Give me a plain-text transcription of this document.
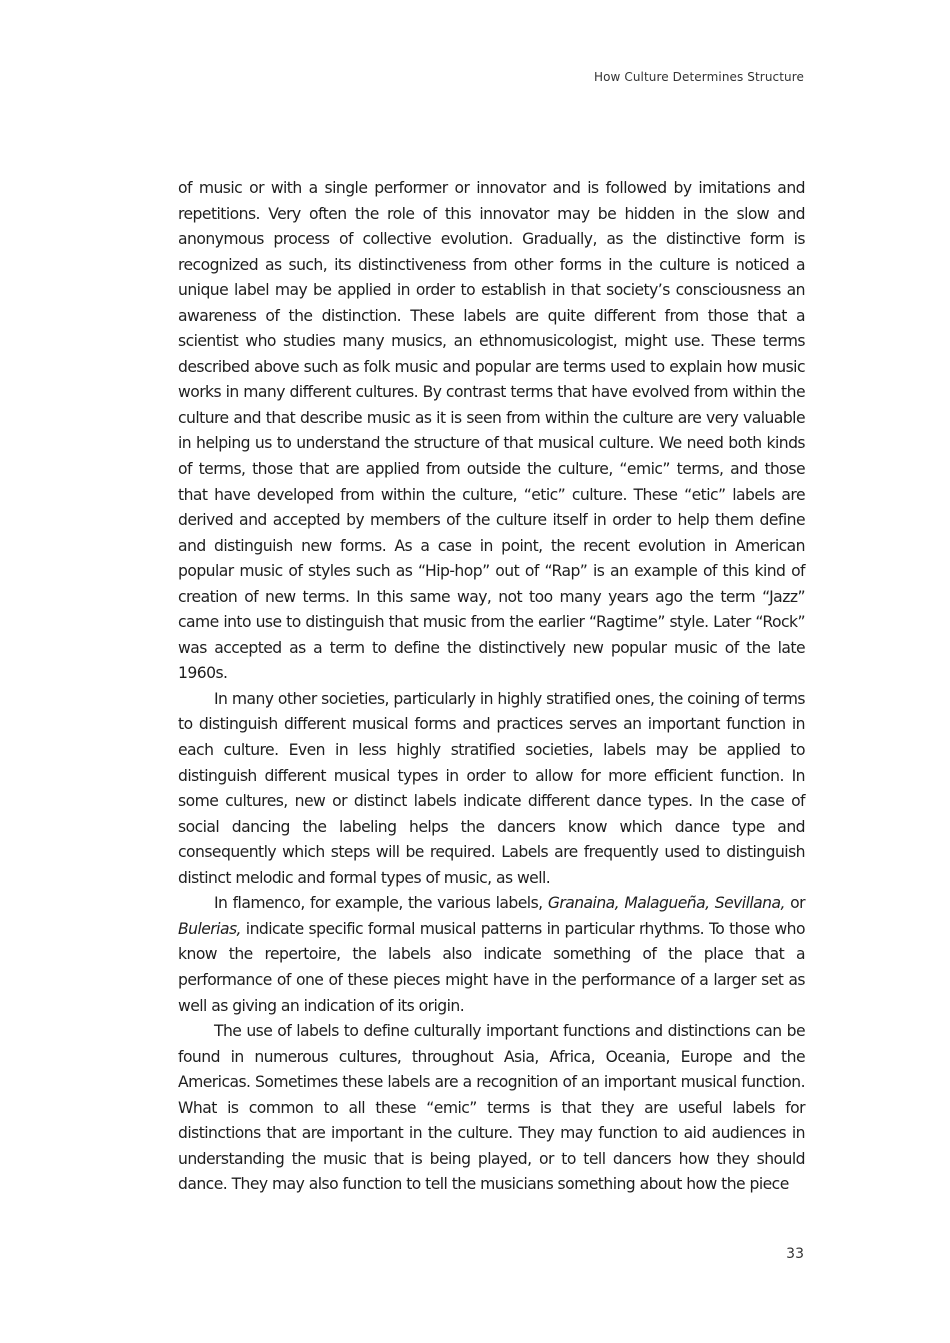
How Culture Determines Structure

of music or with a single performer or innovator and is followed by imitations and repetitions. Very often the role of this innovator may be hidden in the slow and anonymous process of collective evolution. Gradually, as the distinctive form is recognized as such, its distinctiveness from other forms in the culture is noticed a unique label may be applied in order to establish in that society’s consciousness an awareness of the distinction. These labels are quite different from those that a scientist who studies many musics, an ethnomusicologist, might use. These terms described above such as folk music and popular are terms used to explain how music works in many different cultures. By contrast terms that have evolved from within the culture and that describe music as it is seen from within the culture are very valuable in helping us to understand the structure of that musical culture. We need both kinds of terms, those that are applied from outside the culture, “emic” terms, and those that have developed from within the culture, “etic” culture. These “etic” labels are derived and accepted by members of the culture itself in order to help them define and distinguish new forms. As a case in point, the recent evolution in American popular music of styles such as “Hip-hop” out of “Rap” is an example of this kind of creation of new terms. In this same way, not too many years ago the term “Jazz” came into use to distinguish that music from the earlier “Ragtime” style. Later “Rock” was accepted as a term to define the distinctively new popular music of the late 1960s.

In many other societies, particularly in highly stratified ones, the coining of terms to distinguish different musical forms and practices serves an important function in each culture. Even in less highly stratified societies, labels may be applied to distinguish different musical types in order to allow for more efficient function. In some cultures, new or distinct labels indicate different dance types. In the case of social dancing the labeling helps the dancers know which dance type and consequently which steps will be required. Labels are frequently used to distinguish distinct melodic and formal types of music, as well.

In flamenco, for example, the various labels, Granaina, Malagueña, Sevillana, or Bulerias, indicate specific formal musical patterns in particular rhythms. To those who know the repertoire, the labels also indicate something of the place that a performance of one of these pieces might have in the performance of a larger set as well as giving an indication of its origin.

The use of labels to define culturally important functions and distinctions can be found in numerous cultures, throughout Asia, Africa, Oceania, Europe and the Americas. Sometimes these labels are a recognition of an important musical function. What is common to all these “emic” terms is that they are useful labels for distinctions that are important in the culture. They may function to aid audiences in understanding the music that is being played, or to tell dancers how they should dance. They may also function to tell the musicians something about how the piece

33
